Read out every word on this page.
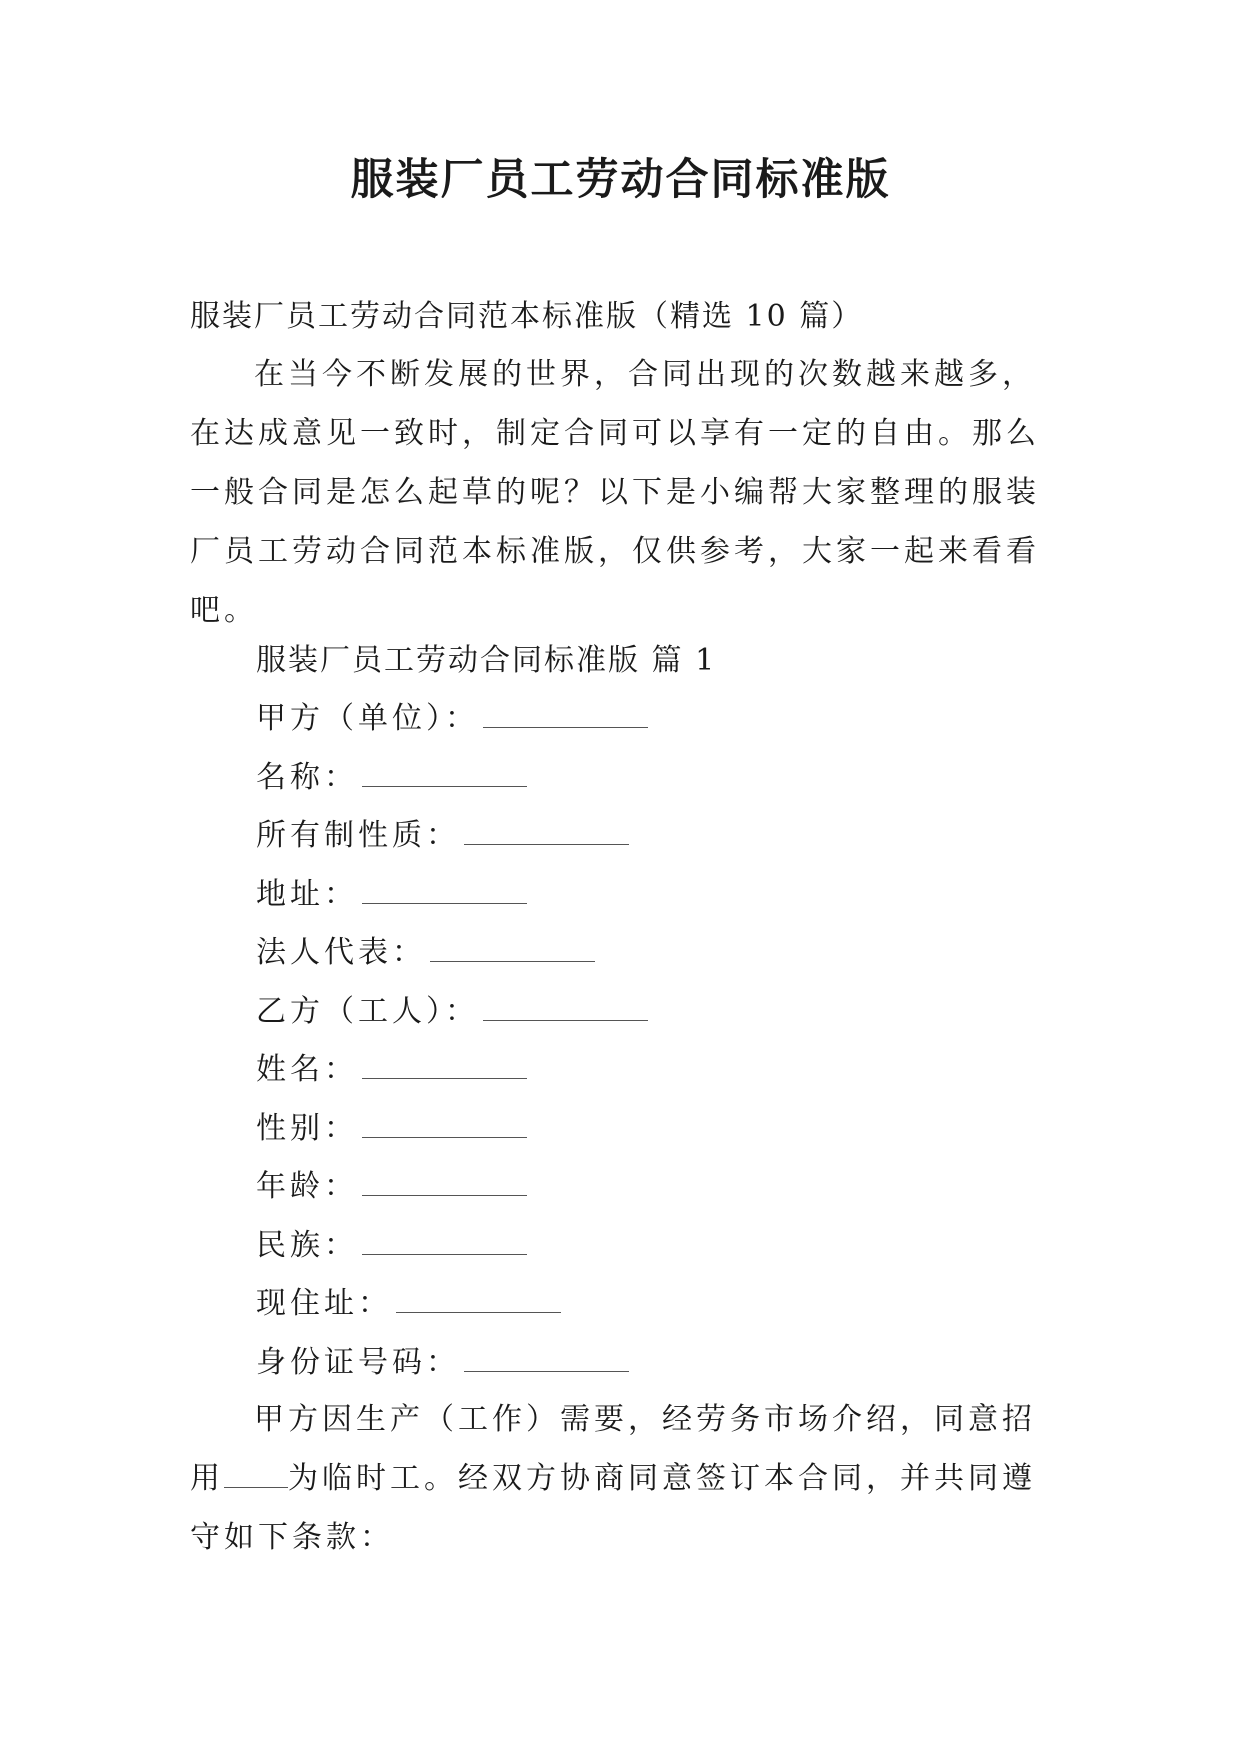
服装厂员工劳动合同标准版
服装厂员工劳动合同范本标准版（精选 10 篇）
在当今不断发展的世界，合同出现的次数越来越多，在达成意见一致时，制定合同可以享有一定的自由。那么一般合同是怎么起草的呢？以下是小编帮大家整理的服装厂员工劳动合同范本标准版，仅供参考，大家一起来看看吧。
服装厂员工劳动合同标准版 篇 1
甲方（单位）：
名称：
所有制性质：
地址：
法人代表：
乙方（工人）：
姓名：
性别：
年龄：
民族：
现住址：
身份证号码：
甲方因生产（工作）需要，经劳务市场介绍，同意招用 为临时工。经双方协商同意签订本合同，并共同遵守如下条款：
